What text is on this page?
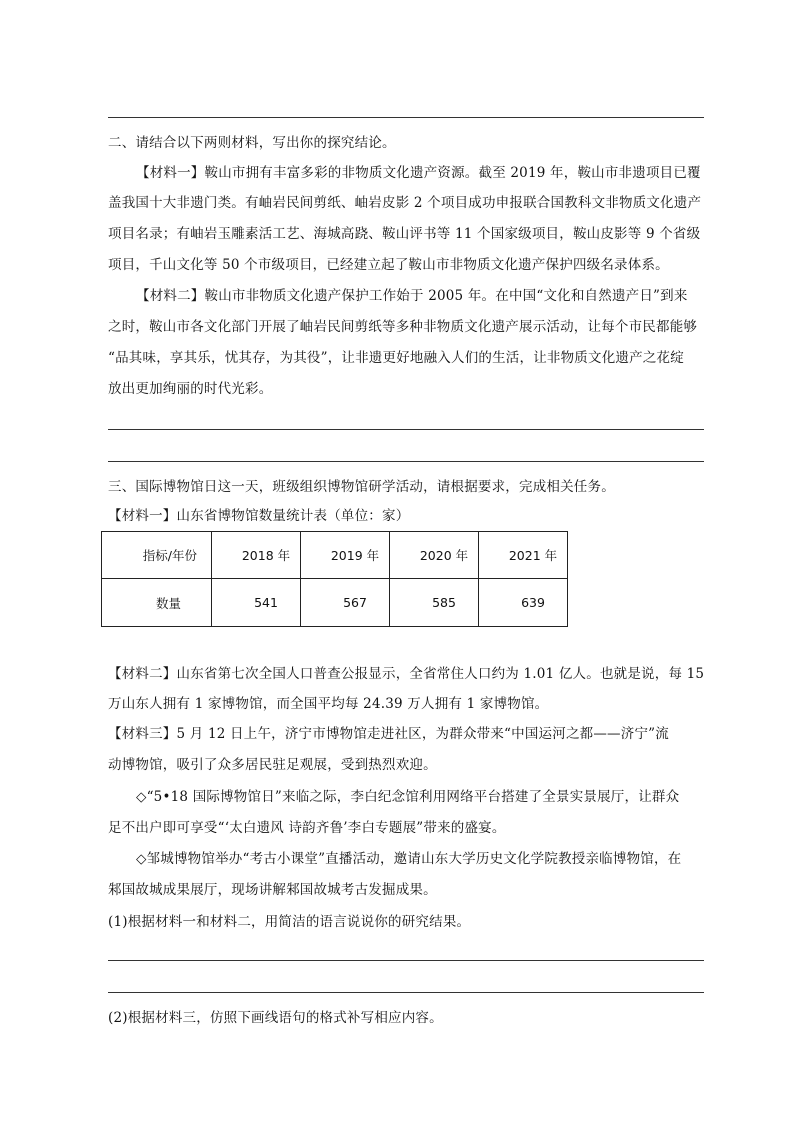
二、请结合以下两则材料，写出你的探究结论。
【材料一】鞍山市拥有丰富多彩的非物质文化遗产资源。截至 2019 年，鞍山市非遗项目已覆
盖我国十大非遗门类。有岫岩民间剪纸、岫岩皮影 2 个项目成功申报联合国教科文非物质文化遗产
项目名录；有岫岩玉雕素活工艺、海城高跷、鞍山评书等 11 个国家级项目，鞍山皮影等 9 个省级
项目，千山文化等 50 个市级项目，已经建立起了鞍山市非物质文化遗产保护四级名录体系。
【材料二】鞍山市非物质文化遗产保护工作始于 2005 年。在中国“文化和自然遗产日”到来
之时，鞍山市各文化部门开展了岫岩民间剪纸等多种非物质文化遗产展示活动，让每个市民都能够
“品其味，享其乐，忧其存，为其役”，让非遗更好地融入人们的生活，让非物质文化遗产之花绽
放出更加绚丽的时代光彩。
三、国际博物馆日这一天，班级组织博物馆研学活动，请根据要求，完成相关任务。
【材料一】山东省博物馆数量统计表（单位：家）
指标/年份	2018 年	2019 年	2020 年	2021 年
数量	541	567	585	639
【材料二】山东省第七次全国人口普查公报显示，全省常住人口约为 1.01 亿人。也就是说，每 15
万山东人拥有 1 家博物馆，而全国平均每 24.39 万人拥有 1 家博物馆。
【材料三】5 月 12 日上午，济宁市博物馆走进社区，为群众带来“中国运河之都——济宁”流
动博物馆，吸引了众多居民驻足观展，受到热烈欢迎。
◇“5•18 国际博物馆日”来临之际，李白纪念馆利用网络平台搭建了全景实景展厅，让群众
足不出户即可享受“‘太白遗风 诗韵齐鲁’李白专题展”带来的盛宴。
◇邹城博物馆举办“考古小课堂”直播活动，邀请山东大学历史文化学院教授亲临博物馆，在
邾国故城成果展厅，现场讲解邾国故城考古发掘成果。
(1)根据材料一和材料二，用简洁的语言说说你的研究结果。
(2)根据材料三，仿照下画线语句的格式补写相应内容。
